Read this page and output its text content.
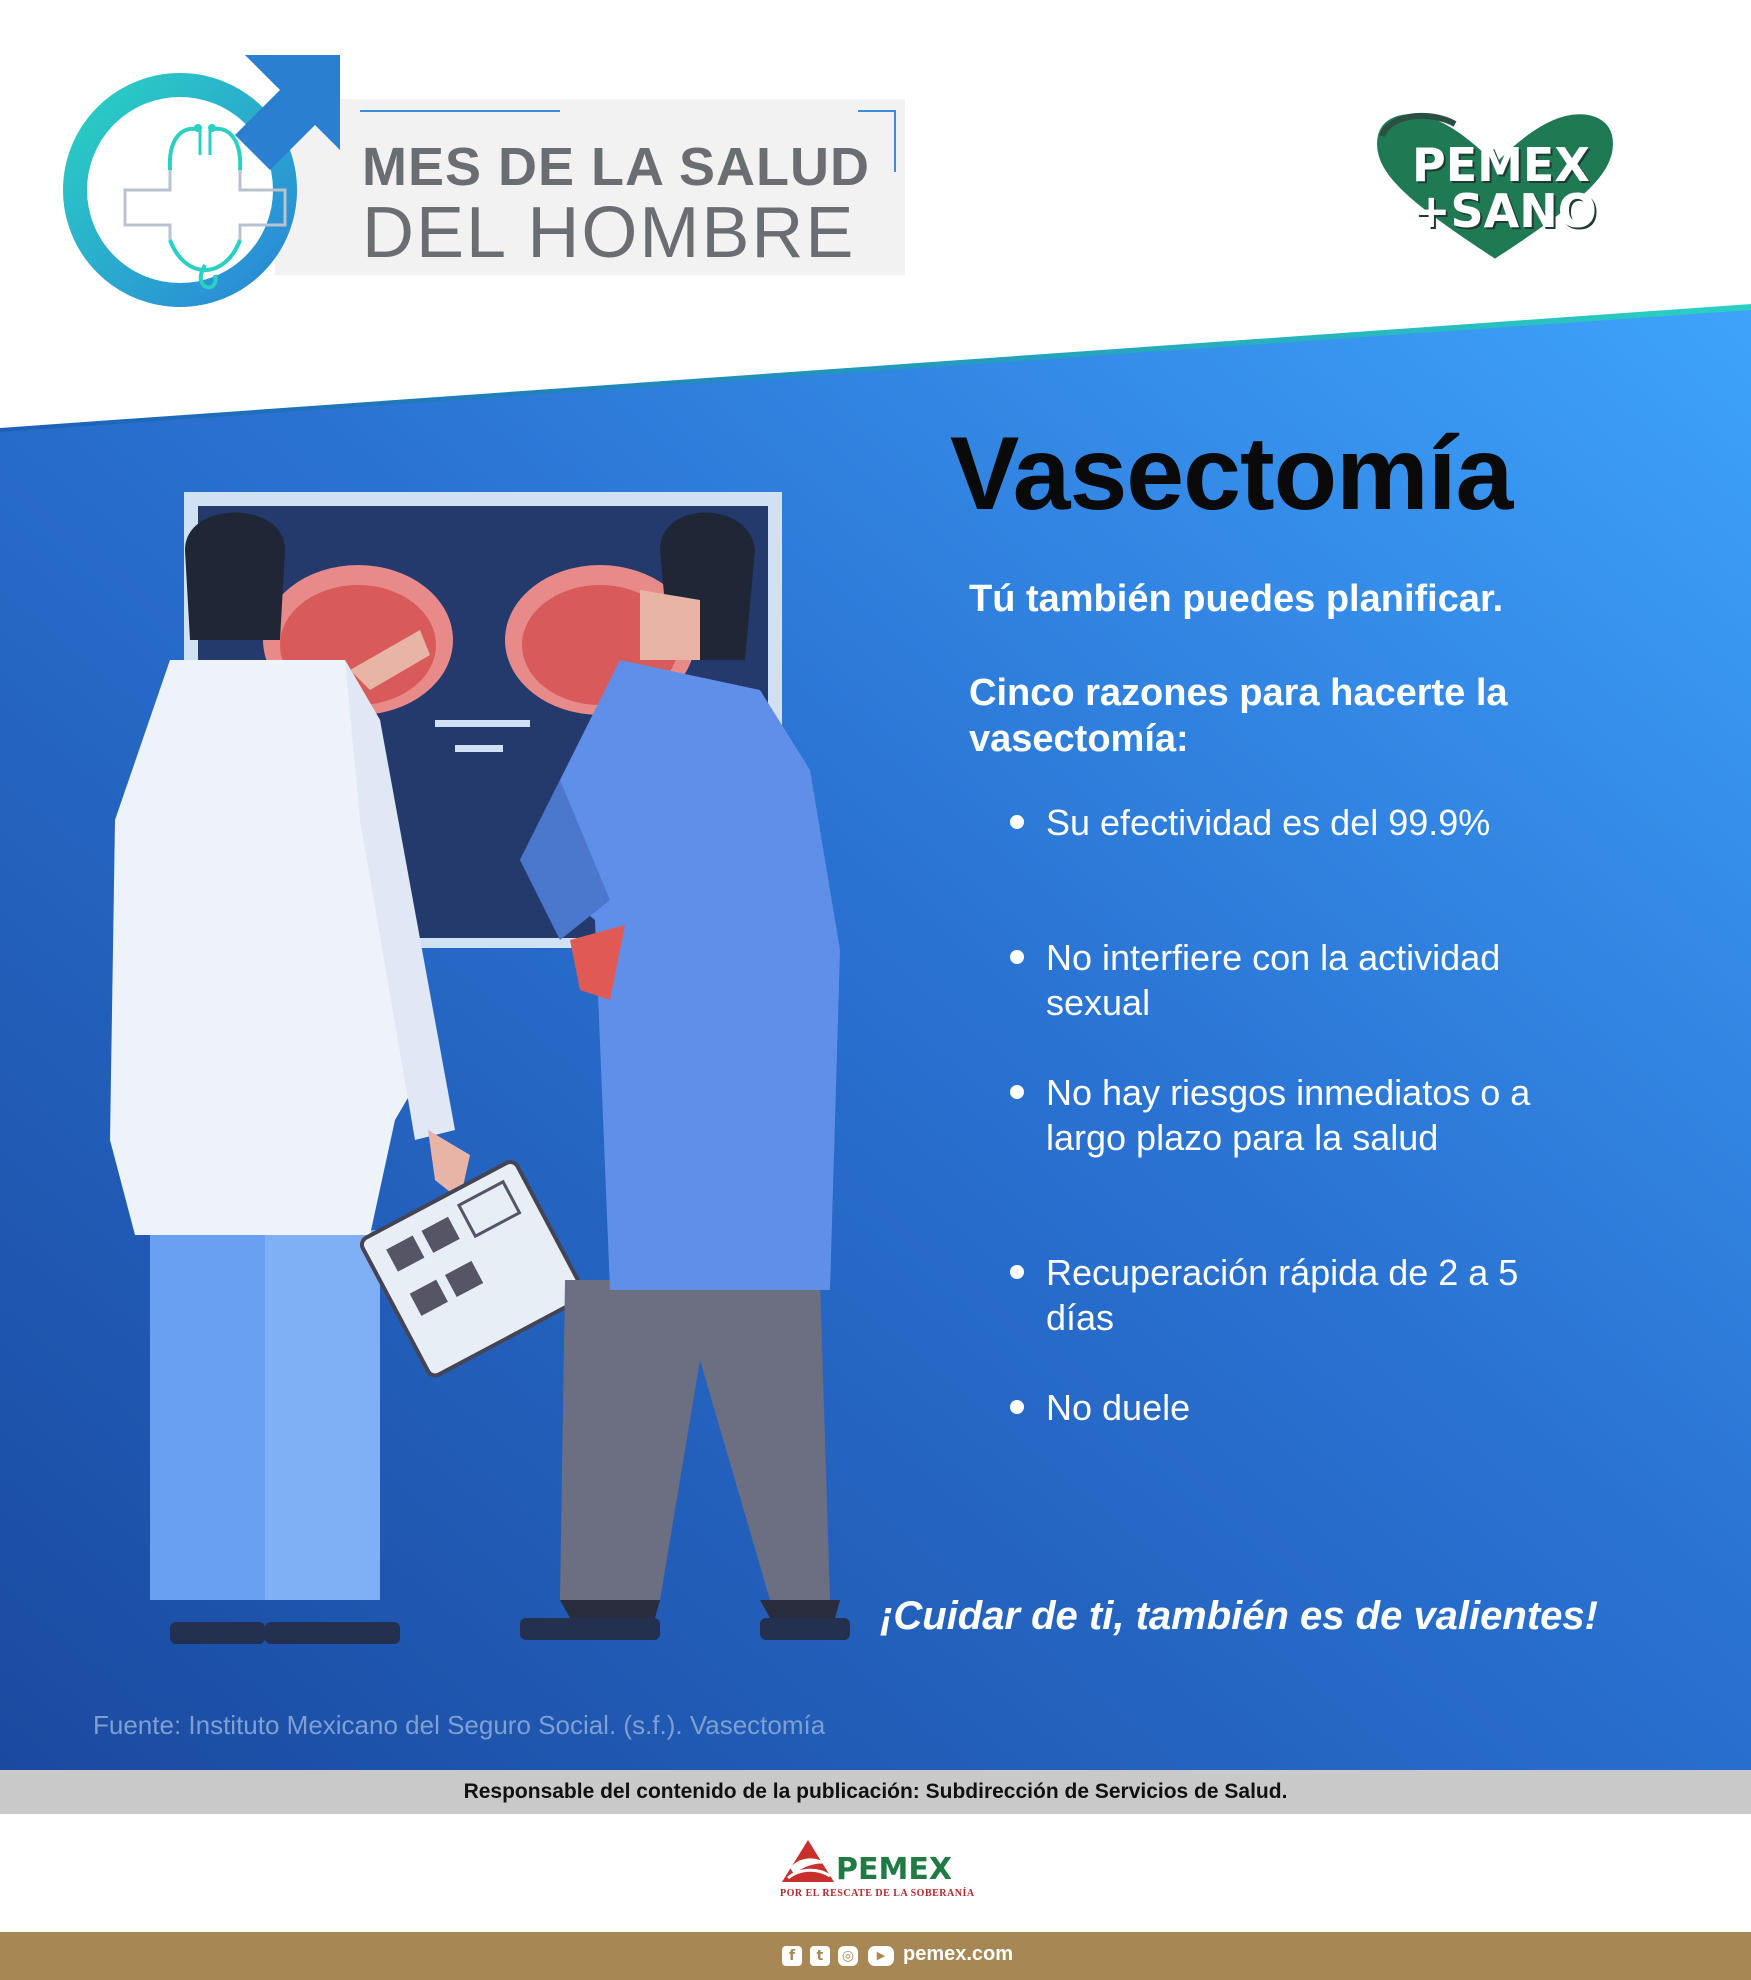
MES DE LA SALUD
DEL HOMBRE
PEMEX
+SANO
Vasectomía
Tú también puedes planificar.
Cinco razones para hacerte la vasectomía:
Su efectividad es del 99.9%
No interfiere con la actividad sexual
No hay riesgos inmediatos o a largo plazo para la salud
Recuperación rápida de 2 a 5 días
No duele
¡Cuidar de ti, también es de valientes!
Fuente: Instituto Mexicano del Seguro Social. (s.f.). Vasectomía
Responsable del contenido de la publicación: Subdirección de Servicios de Salud.
PEMEX
POR EL RESCATE DE LA SOBERANÍA
f	t	◎	▶ pemex.com
